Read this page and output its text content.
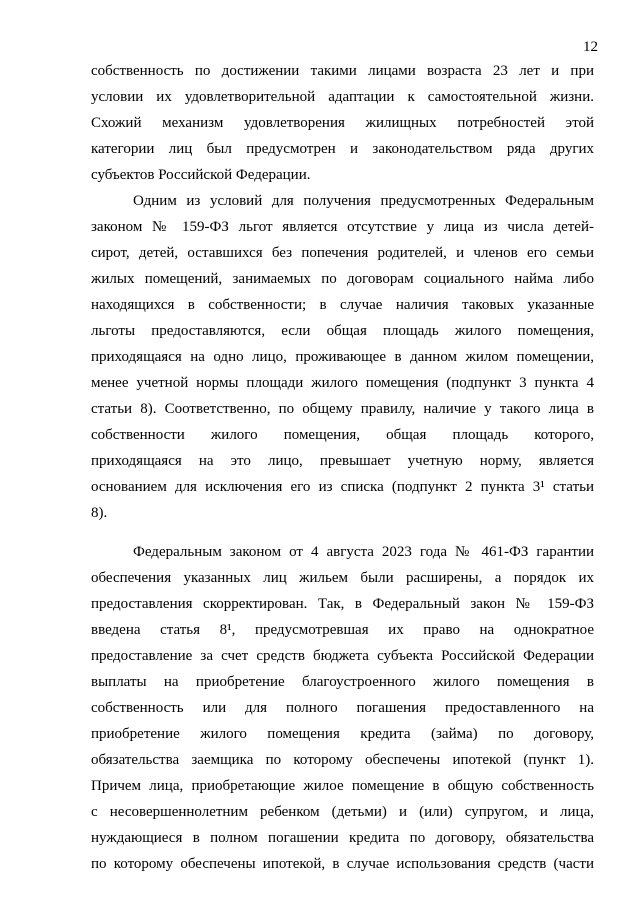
12
собственность по достижении такими лицами возраста 23 лет и при
условии их удовлетворительной адаптации к самостоятельной жизни.
Схожий механизм удовлетворения жилищных потребностей этой
категории лиц был предусмотрен и законодательством ряда других
субъектов Российской Федерации.
Одним из условий для получения предусмотренных Федеральным
законом № 159-ФЗ льгот является отсутствие у лица из числа детей-
сирот, детей, оставшихся без попечения родителей, и членов его семьи
жилых помещений, занимаемых по договорам социального найма либо
находящихся в собственности; в случае наличия таковых указанные
льготы предоставляются, если общая площадь жилого помещения,
приходящаяся на одно лицо, проживающее в данном жилом помещении,
менее учетной нормы площади жилого помещения (подпункт 3 пункта 4
статьи 8). Соответственно, по общему правилу, наличие у такого лица в
собственности жилого помещения, общая площадь которого,
приходящаяся на это лицо, превышает учетную норму, является
основанием для исключения его из списка (подпункт 2 пункта 3¹ статьи
8).
Федеральным законом от 4 августа 2023 года № 461-ФЗ гарантии
обеспечения указанных лиц жильем были расширены, а порядок их
предоставления скорректирован. Так, в Федеральный закон № 159-ФЗ
введена статья 8¹, предусмотревшая их право на однократное
предоставление за счет средств бюджета субъекта Российской Федерации
выплаты на приобретение благоустроенного жилого помещения в
собственность или для полного погашения предоставленного на
приобретение жилого помещения кредита (займа) по договору,
обязательства заемщика по которому обеспечены ипотекой (пункт 1).
Причем лица, приобретающие жилое помещение в общую собственность
с несовершеннолетним ребенком (детьми) и (или) супругом, и лица,
нуждающиеся в полном погашении кредита по договору, обязательства
по которому обеспечены ипотекой, в случае использования средств (части
